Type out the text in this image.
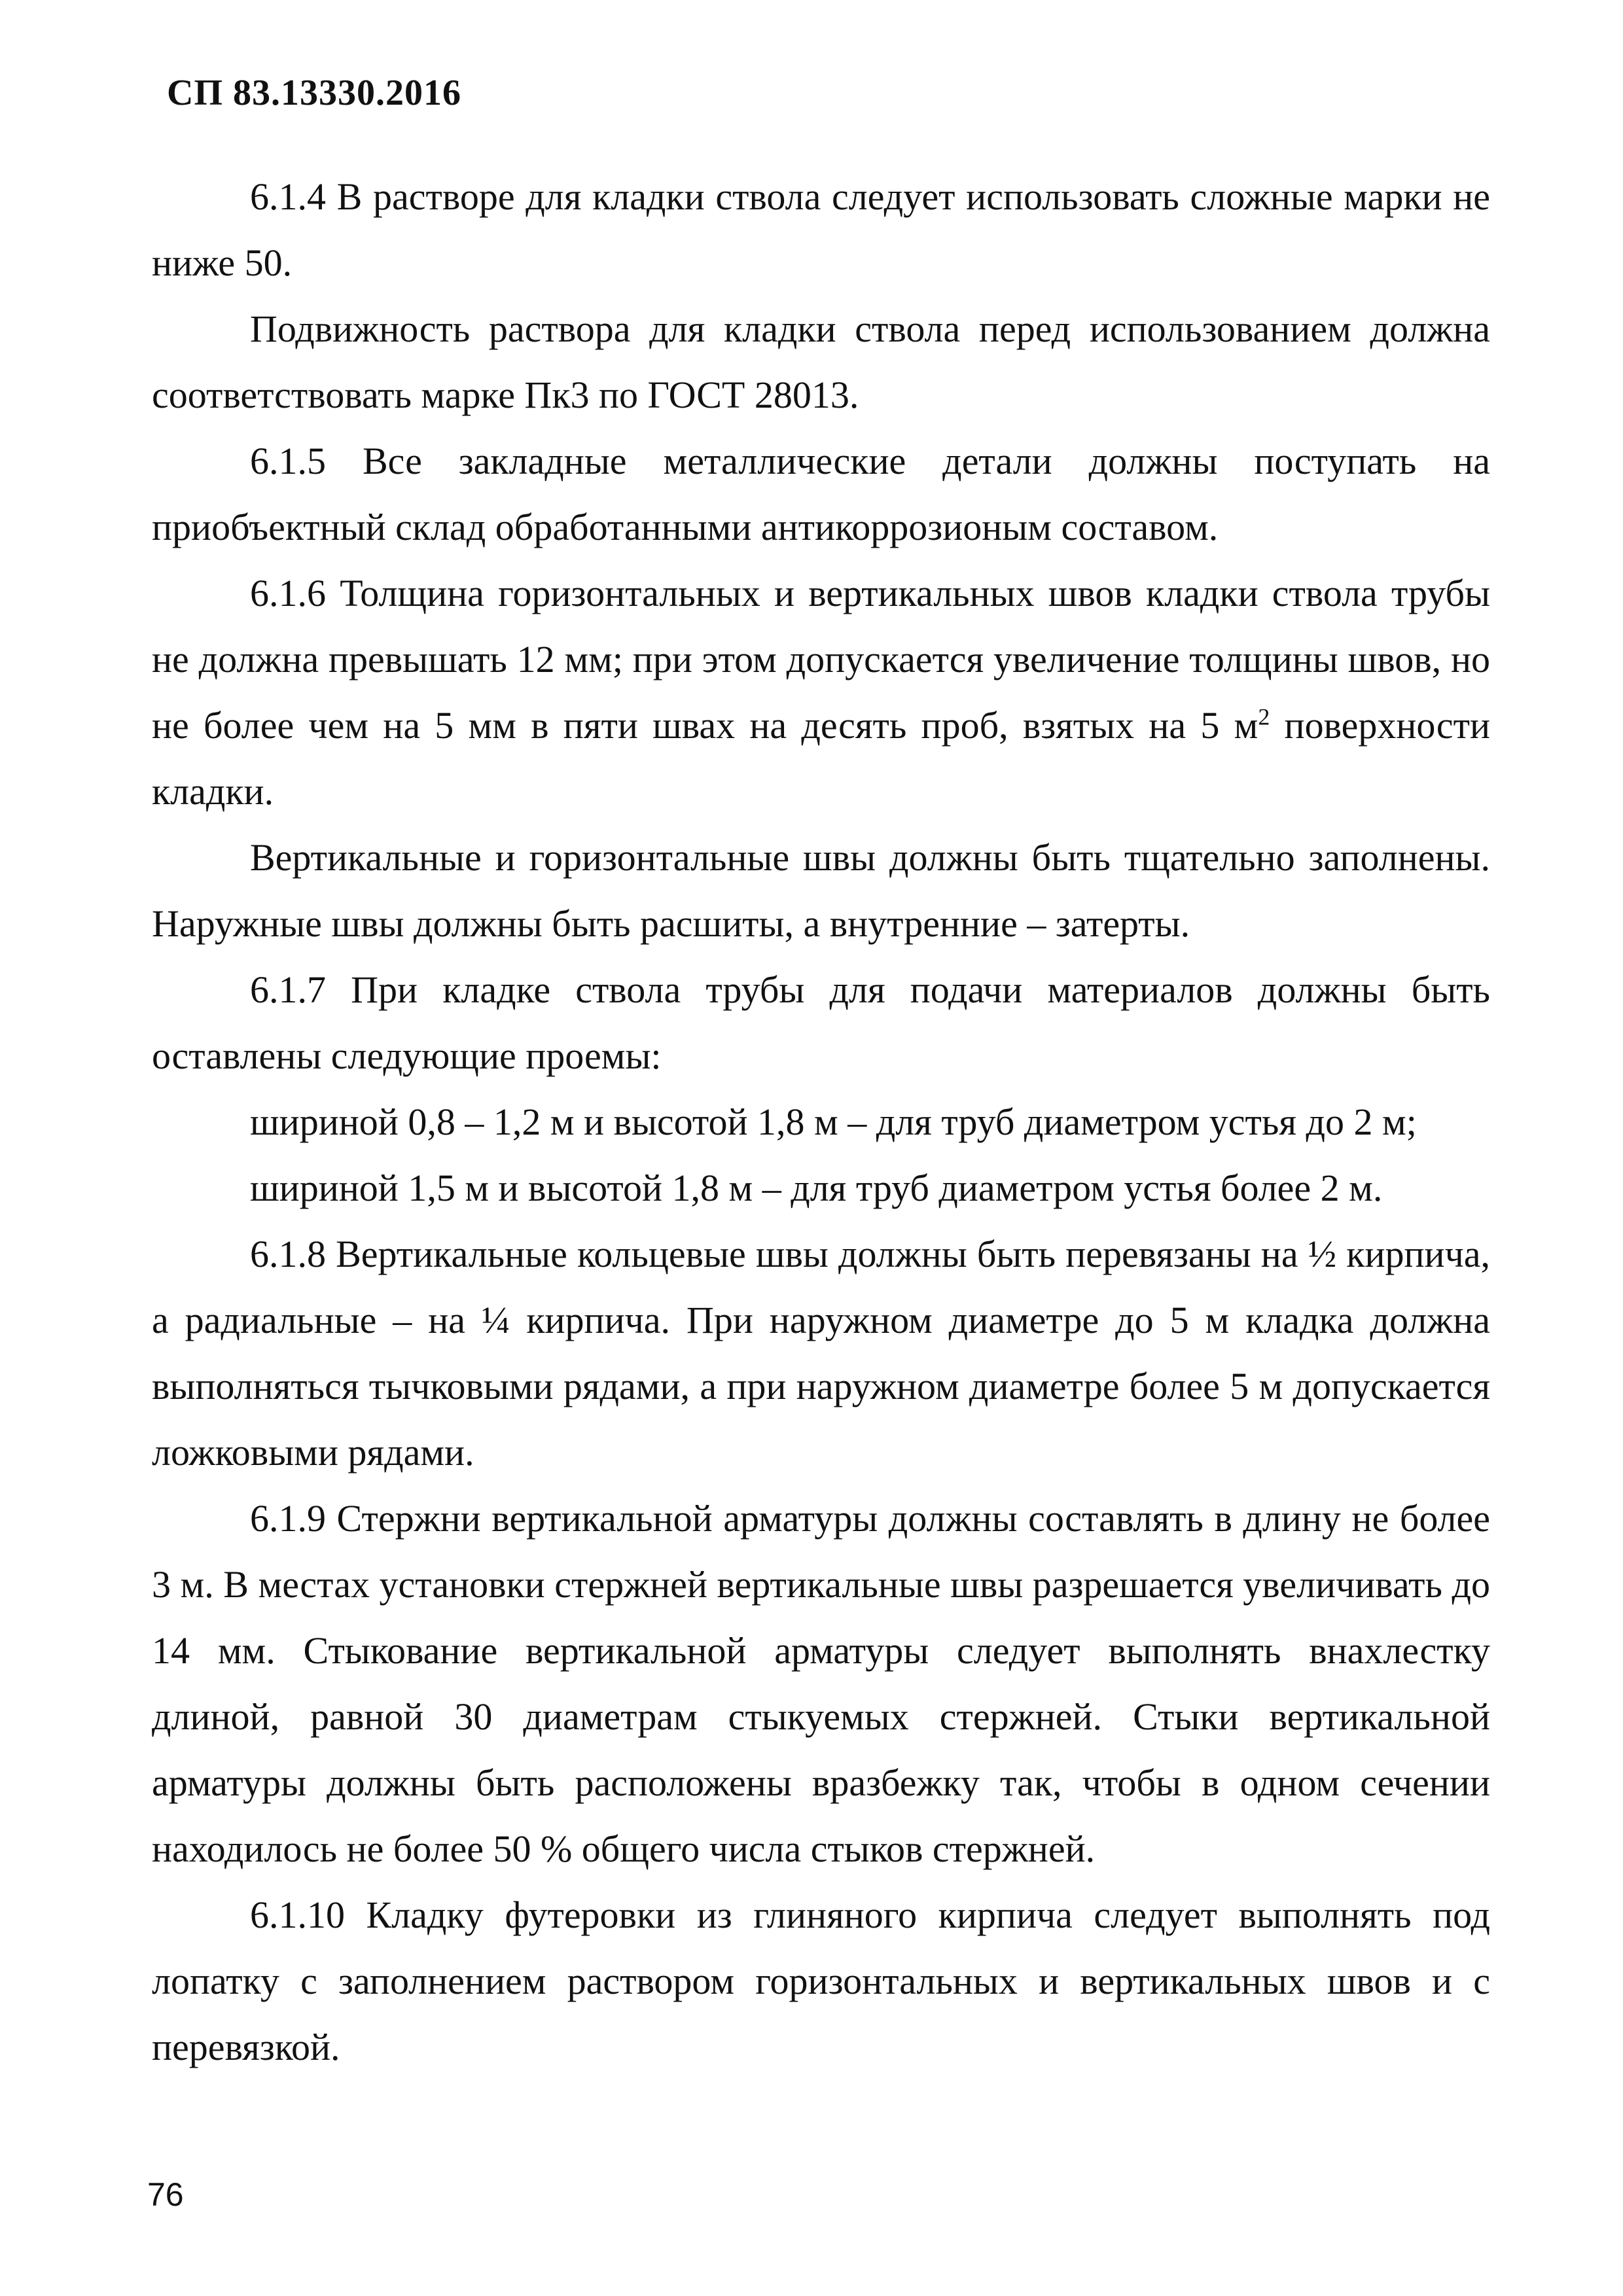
СП 83.13330.2016

6.1.4 В растворе для кладки ствола следует использовать сложные марки не ниже 50.

Подвижность раствора для кладки ствола перед использованием должна соответствовать марке Пк3 по ГОСТ 28013.

6.1.5 Все закладные металлические детали должны поступать на приобъектный склад обработанными антикоррозионым составом.

6.1.6 Толщина горизонтальных и вертикальных швов кладки ствола трубы не должна превышать 12 мм; при этом допускается увеличение толщины швов, но не более чем на 5 мм в пяти швах на десять проб, взятых на 5 $м^2$ поверхности кладки.

Вертикальные и горизонтальные швы должны быть тщательно заполнены. Наружные швы должны быть расшиты, а внутренние – затерты.

6.1.7 При кладке ствола трубы для подачи материалов должны быть оставлены следующие проемы:

шириной 0,8 – 1,2 м и высотой 1,8 м – для труб диаметром устья до 2 м;

шириной 1,5 м и высотой 1,8 м – для труб диаметром устья более 2 м.

6.1.8 Вертикальные кольцевые швы должны быть перевязаны на ½ кирпича, а радиальные – на ¼ кирпича. При наружном диаметре до 5 м кладка должна выполняться тычковыми рядами, а при наружном диаметре более 5 м допускается ложковыми рядами.

6.1.9 Стержни вертикальной арматуры должны составлять в длину не более 3 м. В местах установки стержней вертикальные швы разрешается увеличивать до 14 мм. Стыкование вертикальной арматуры следует выполнять внахлестку длиной, равной 30 диаметрам стыкуемых стержней. Стыки вертикальной арматуры должны быть расположены вразбежку так, чтобы в одном сечении находилось не более 50 % общего числа стыков стержней.

6.1.10 Кладку футеровки из глиняного кирпича следует выполнять под лопатку с заполнением раствором горизонтальных и вертикальных швов и с перевязкой.

76
